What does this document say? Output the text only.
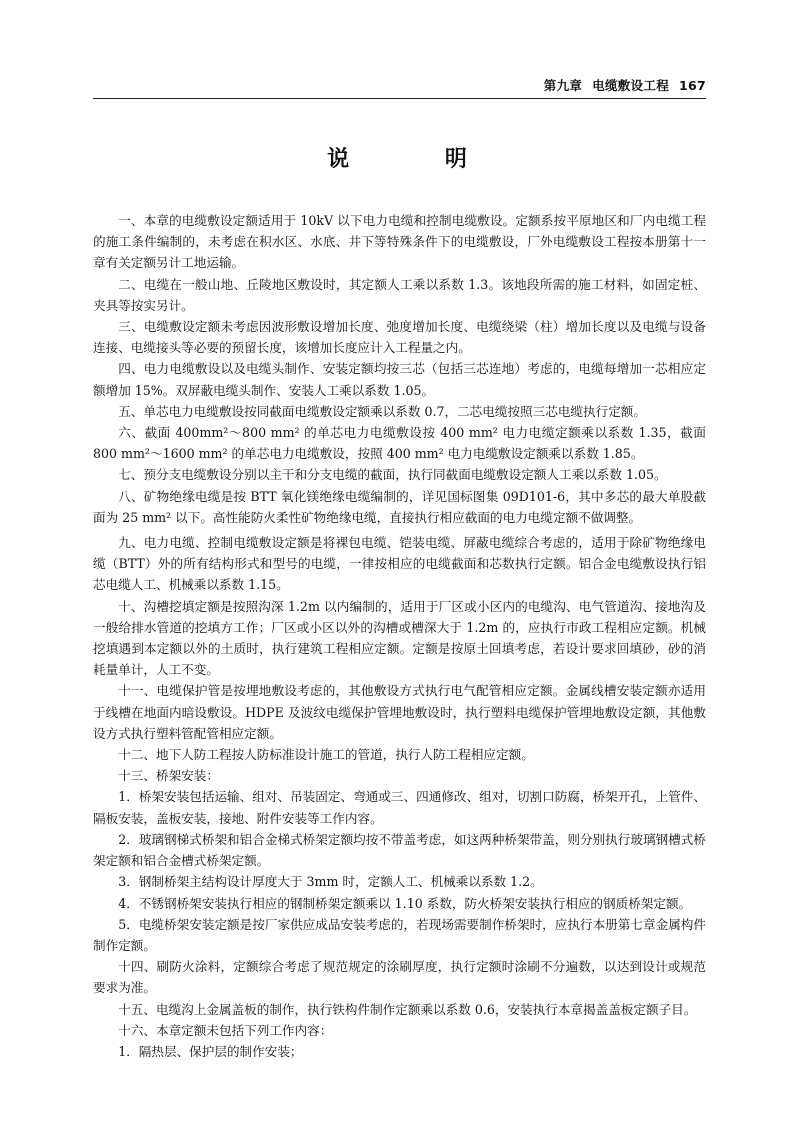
第九章 电缆敷设工程 167
说 明

一、本章的电缆敷设定额适用于 10kV 以下电力电缆和控制电缆敷设。定额系按平原地区和厂内电缆工程的施工条件编制的，未考虑在积水区、水底、井下等特殊条件下的电缆敷设，厂外电缆敷设工程按本册第十一章有关定额另计工地运输。

二、电缆在一般山地、丘陵地区敷设时，其定额人工乘以系数 1.3。该地段所需的施工材料，如固定桩、夹具等按实另计。

三、电缆敷设定额未考虑因波形敷设增加长度、弛度增加长度、电缆绕梁（柱）增加长度以及电缆与设备连接、电缆接头等必要的预留长度，该增加长度应计入工程量之内。

四、电力电缆敷设以及电缆头制作、安装定额均按三芯（包括三芯连地）考虑的，电缆每增加一芯相应定额增加 15%。双屏蔽电缆头制作、安装人工乘以系数 1.05。

五、单芯电力电缆敷设按同截面电缆敷设定额乘以系数 0.7，二芯电缆按照三芯电缆执行定额。

六、截面 400mm²～800 mm² 的单芯电力电缆敷设按 400 mm² 电力电缆定额乘以系数 1.35，截面 800 mm²～1600 mm² 的单芯电力电缆敷设，按照 400 mm² 电力电缆敷设定额乘以系数 1.85。

七、预分支电缆敷设分别以主干和分支电缆的截面，执行同截面电缆敷设定额人工乘以系数 1.05。

八、矿物绝缘电缆是按 BTT 氧化镁绝缘电缆编制的，详见国标图集 09D101-6，其中多芯的最大单股截面为 25 mm² 以下。高性能防火柔性矿物绝缘电缆，直接执行相应截面的电力电缆定额不做调整。

九、电力电缆、控制电缆敷设定额是将裸包电缆、铠装电缆、屏蔽电缆综合考虑的，适用于除矿物绝缘电缆（BTT）外的所有结构形式和型号的电缆，一律按相应的电缆截面和芯数执行定额。铝合金电缆敷设执行铝芯电缆人工、机械乘以系数 1.15。

十、沟槽挖填定额是按照沟深 1.2m 以内编制的，适用于厂区或小区内的电缆沟、电气管道沟、接地沟及一般给排水管道的挖填方工作；厂区或小区以外的沟槽或槽深大于 1.2m 的，应执行市政工程相应定额。机械挖填遇到本定额以外的土质时，执行建筑工程相应定额。定额是按原土回填考虑，若设计要求回填砂，砂的消耗量单计，人工不变。

十一、电缆保护管是按埋地敷设考虑的，其他敷设方式执行电气配管相应定额。金属线槽安装定额亦适用于线槽在地面内暗设敷设。HDPE 及波纹电缆保护管埋地敷设时，执行塑料电缆保护管埋地敷设定额，其他敷设方式执行塑料管配管相应定额。

十二、地下人防工程按人防标准设计施工的管道，执行人防工程相应定额。

十三、桥架安装：

1．桥架安装包括运输、组对、吊装固定、弯通或三、四通修改、组对，切割口防腐，桥架开孔，上管件、隔板安装，盖板安装，接地、附件安装等工作内容。

2．玻璃钢梯式桥架和铝合金梯式桥架定额均按不带盖考虑，如这两种桥架带盖，则分别执行玻璃钢槽式桥架定额和铝合金槽式桥架定额。

3．钢制桥架主结构设计厚度大于 3mm 时，定额人工、机械乘以系数 1.2。

4．不锈钢桥架安装执行相应的钢制桥架定额乘以 1.10 系数，防火桥架安装执行相应的钢质桥架定额。

5．电缆桥架安装定额是按厂家供应成品安装考虑的，若现场需要制作桥架时，应执行本册第七章金属构件制作定额。

十四、刷防火涂料，定额综合考虑了规范规定的涂刷厚度，执行定额时涂刷不分遍数，以达到设计或规范要求为准。

十五、电缆沟上金属盖板的制作，执行铁构件制作定额乘以系数 0.6，安装执行本章揭盖盖板定额子目。

十六、本章定额未包括下列工作内容：

1．隔热层、保护层的制作安装；
